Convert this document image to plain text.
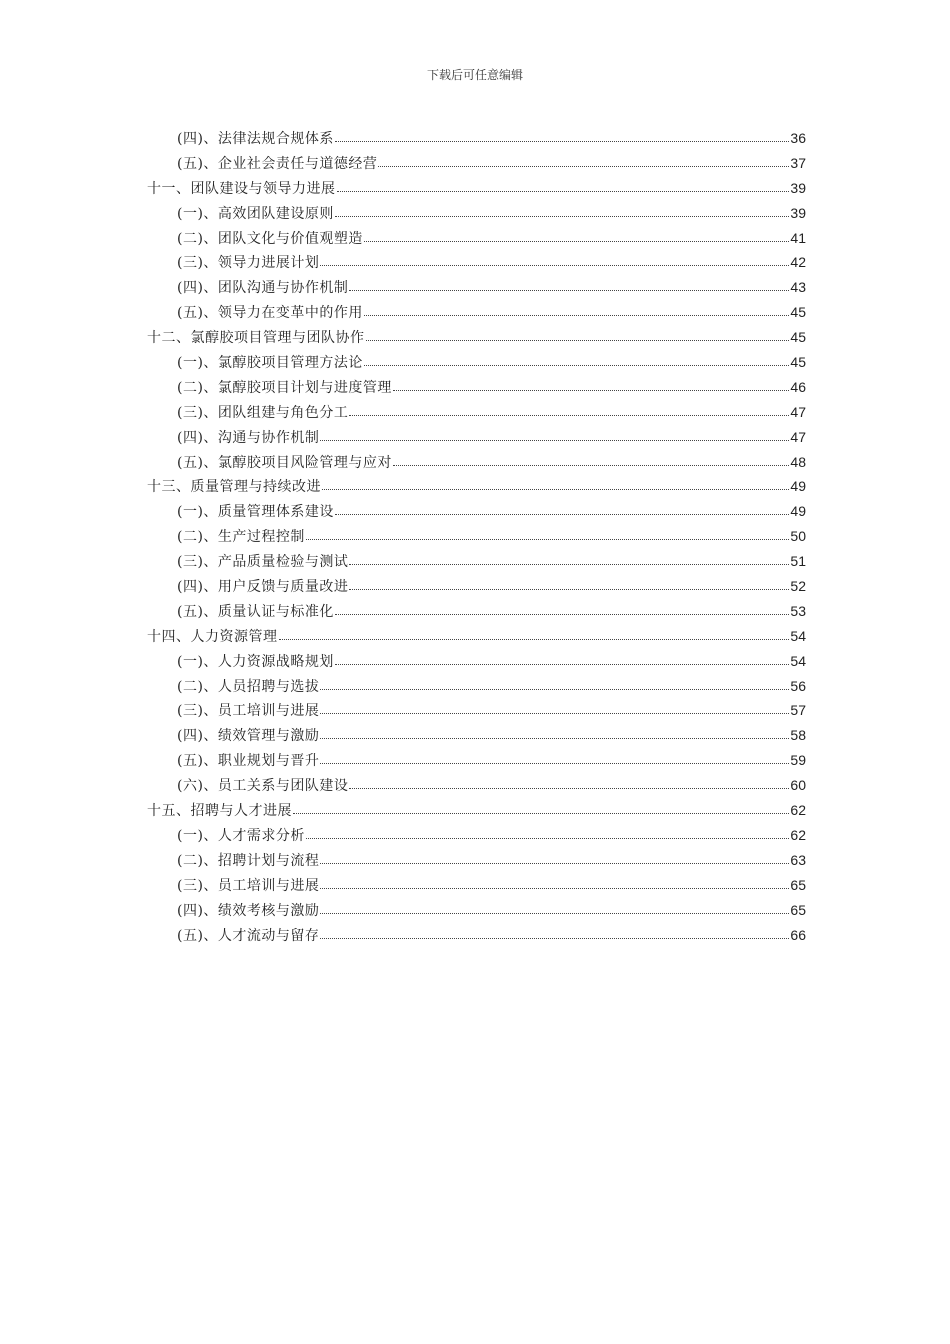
下载后可任意编辑
(四)、法律法规合规体系	36
(五)、企业社会责任与道德经营	37
十一、团队建设与领导力进展	39
(一)、高效团队建设原则	39
(二)、团队文化与价值观塑造	41
(三)、领导力进展计划	42
(四)、团队沟通与协作机制	43
(五)、领导力在变革中的作用	45
十二、氯醇胶项目管理与团队协作	45
(一)、氯醇胶项目管理方法论	45
(二)、氯醇胶项目计划与进度管理	46
(三)、团队组建与角色分工	47
(四)、沟通与协作机制	47
(五)、氯醇胶项目风险管理与应对	48
十三、质量管理与持续改进	49
(一)、质量管理体系建设	49
(二)、生产过程控制	50
(三)、产品质量检验与测试	51
(四)、用户反馈与质量改进	52
(五)、质量认证与标准化	53
十四、人力资源管理	54
(一)、人力资源战略规划	54
(二)、人员招聘与选拔	56
(三)、员工培训与进展	57
(四)、绩效管理与激励	58
(五)、职业规划与晋升	59
(六)、员工关系与团队建设	60
十五、招聘与人才进展	62
(一)、人才需求分析	62
(二)、招聘计划与流程	63
(三)、员工培训与进展	65
(四)、绩效考核与激励	65
(五)、人才流动与留存	66
